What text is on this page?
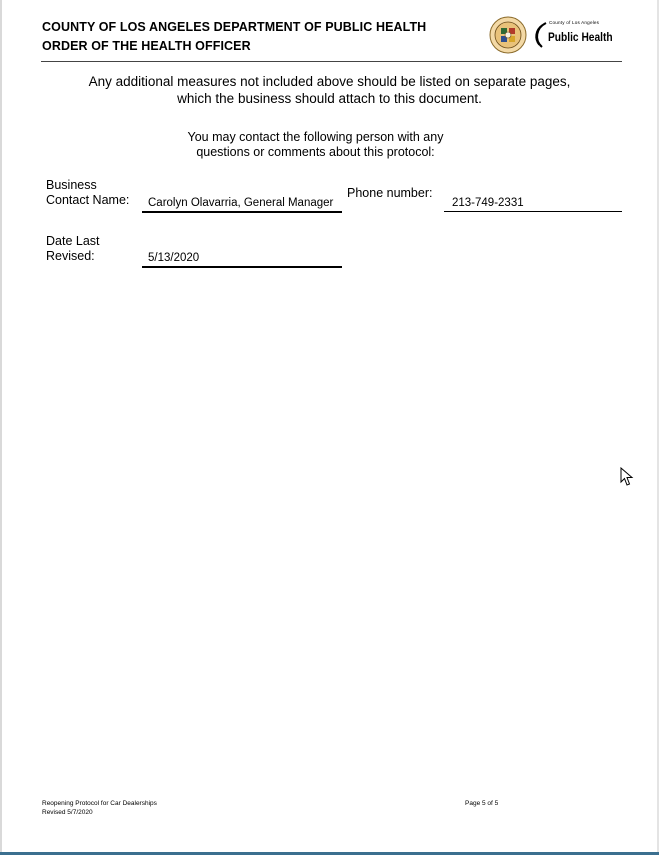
COUNTY OF LOS ANGELES DEPARTMENT OF PUBLIC HEALTH
ORDER OF THE HEALTH OFFICER
County of Los Angeles
Public Health
Any additional measures not included above should be listed on separate pages,
which the business should attach to this document.
You may contact the following person with any
questions or comments about this protocol:
Business
Contact Name: Carolyn Olavarria, General Manager
Phone number:
213-749-2331
Date Last
Revised:	5/13/2020
Reopening Protocol for Car Dealerships
Revised 5/7/2020
Page 5 of 5
